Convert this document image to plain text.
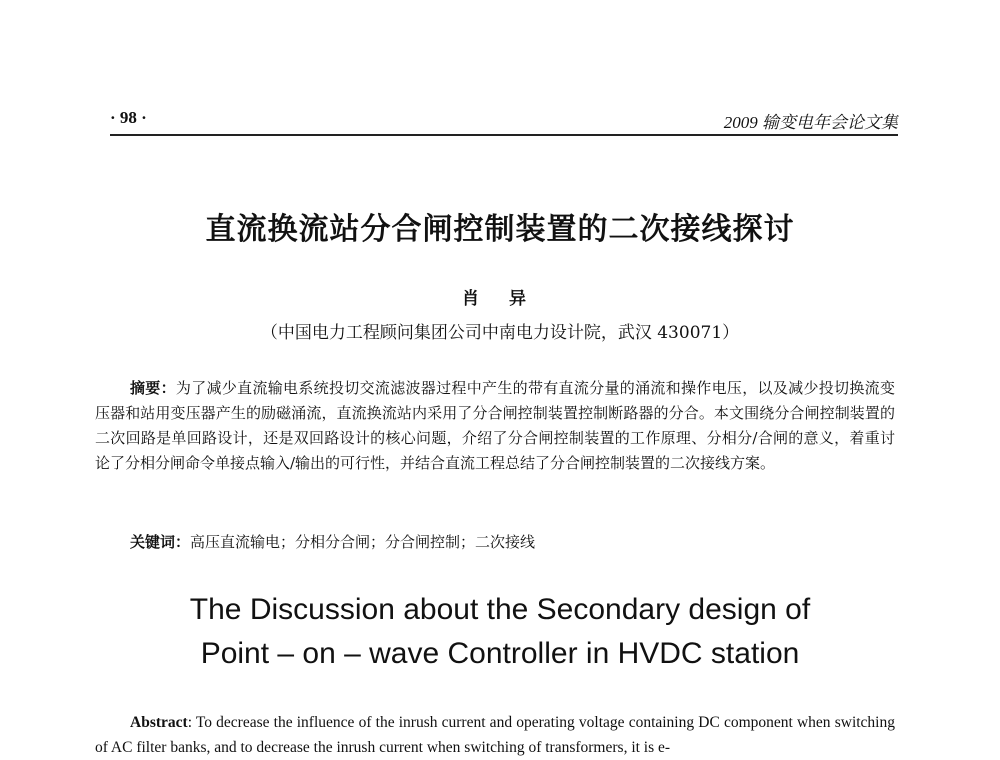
· 98 ·	2009 输变电年会论文集
直流换流站分合闸控制装置的二次接线探讨
肖 异
（中国电力工程顾问集团公司中南电力设计院，武汉 430071）

摘要：为了减少直流输电系统投切交流滤波器过程中产生的带有直流分量的涌流和操作电压，以及减少投切换流变压器和站用变压器产生的励磁涌流，直流换流站内采用了分合闸控制装置控制断路器的分合。本文围绕分合闸控制装置的二次回路是单回路设计，还是双回路设计的核心问题，介绍了分合闸控制装置的工作原理、分相分/合闸的意义，着重讨论了分相分闸命令单接点输入/输出的可行性，并结合直流工程总结了分合闸控制装置的二次接线方案。

关键词：高压直流输电；分相分合闸；分合闸控制；二次接线
The Discussion about the Secondary design of
Point – on – wave Controller in HVDC station

Abstract: To decrease the influence of the inrush current and operating voltage containing DC component when switching of AC filter banks, and to decrease the inrush current when switching of transformers, it is e-
